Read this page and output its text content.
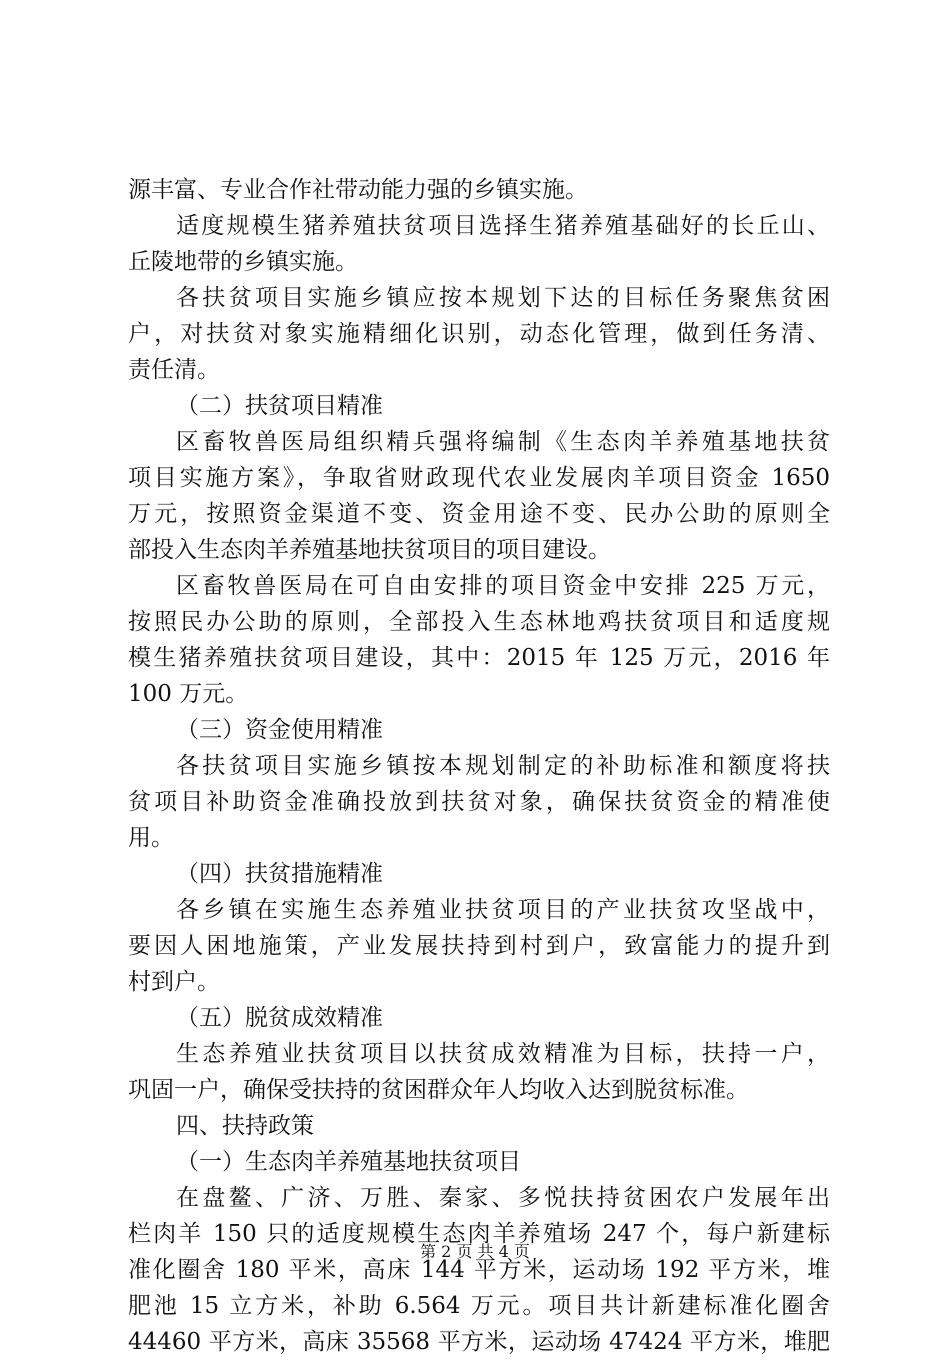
源丰富、专业合作社带动能力强的乡镇实施。
适度规模生猪养殖扶贫项目选择生猪养殖基础好的长丘山、
丘陵地带的乡镇实施。
各扶贫项目实施乡镇应按本规划下达的目标任务聚焦贫困
户，对扶贫对象实施精细化识别，动态化管理，做到任务清、
责任清。
（二）扶贫项目精准
区畜牧兽医局组织精兵强将编制《生态肉羊养殖基地扶贫
项目实施方案》，争取省财政现代农业发展肉羊项目资金 1650
万元，按照资金渠道不变、资金用途不变、民办公助的原则全
部投入生态肉羊养殖基地扶贫项目的项目建设。
区畜牧兽医局在可自由安排的项目资金中安排 225 万元，
按照民办公助的原则，全部投入生态林地鸡扶贫项目和适度规
模生猪养殖扶贫项目建设，其中：2015 年 125 万元，2016 年
100 万元。
（三）资金使用精准
各扶贫项目实施乡镇按本规划制定的补助标准和额度将扶
贫项目补助资金准确投放到扶贫对象，确保扶贫资金的精准使
用。
（四）扶贫措施精准
各乡镇在实施生态养殖业扶贫项目的产业扶贫攻坚战中，
要因人困地施策，产业发展扶持到村到户，致富能力的提升到
村到户。
（五）脱贫成效精准
生态养殖业扶贫项目以扶贫成效精准为目标，扶持一户，
巩固一户，确保受扶持的贫困群众年人均收入达到脱贫标准。
四、扶持政策
（一）生态肉羊养殖基地扶贫项目
在盘鳌、广济、万胜、秦家、多悦扶持贫困农户发展年出
栏肉羊 150 只的适度规模生态肉羊养殖场 247 个，每户新建标
准化圈舍 180 平米，高床 144 平方米，运动场 192 平方米，堆
肥池 15 立方米，补助 6.564 万元。项目共计新建标准化圈舍
44460 平方米，高床 35568 平方米，运动场 47424 平方米，堆肥
第 2 页 共 4 页
